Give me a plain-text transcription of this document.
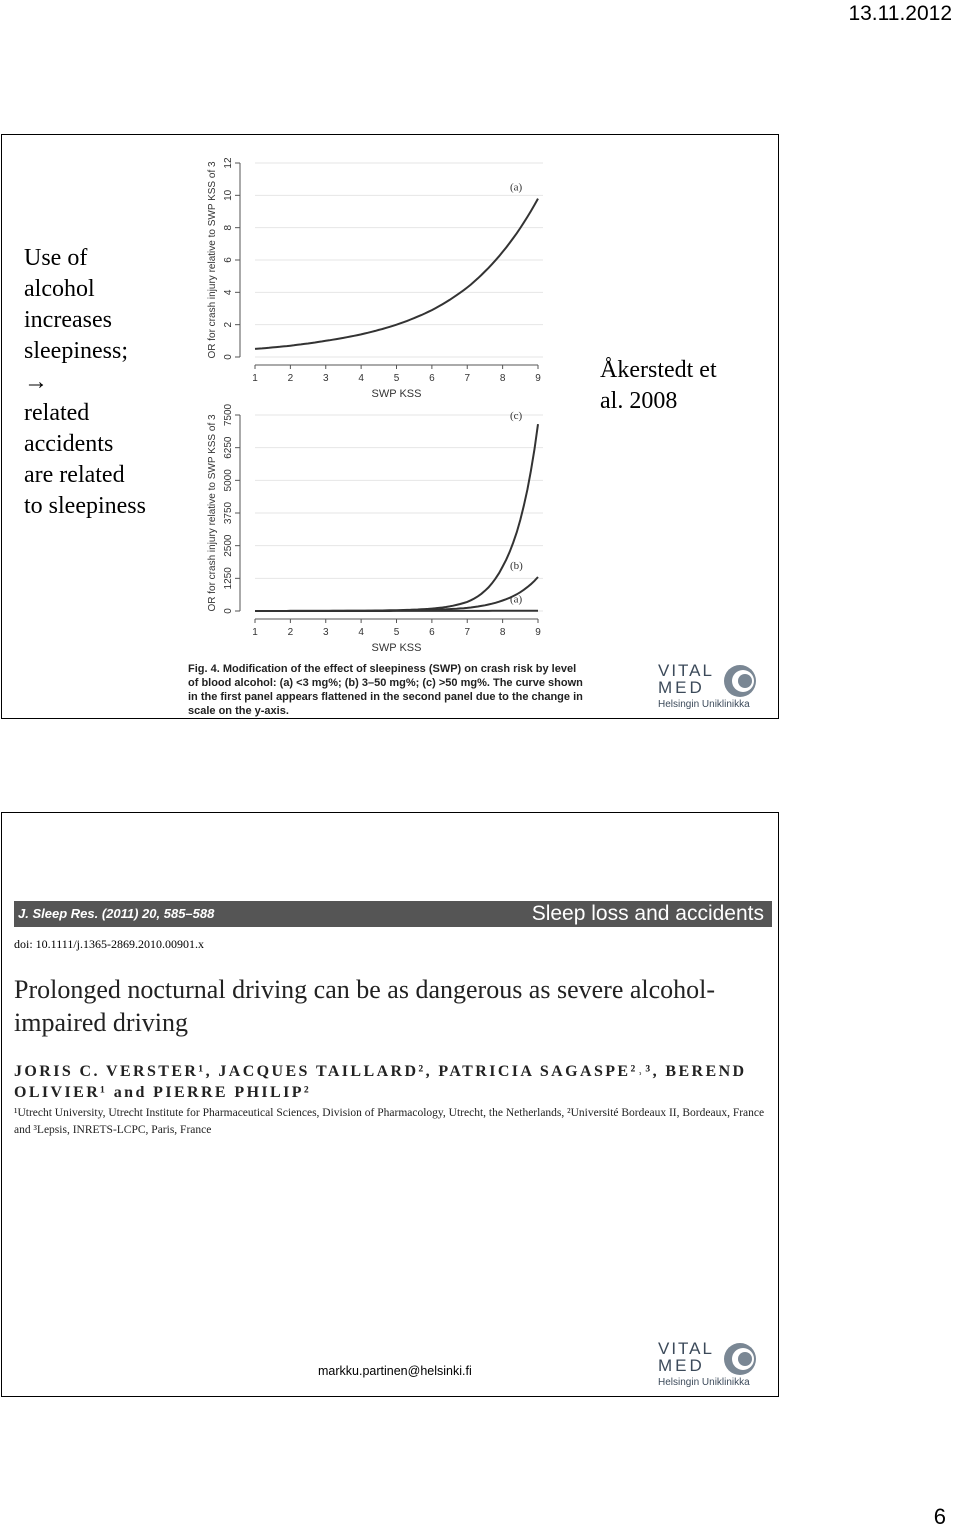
13.11.2012
Use of
alcohol
increases
sleepiness;
→
related
accidents
are related
to sleepiness
0
2
4
6
8
10
12
1	2	3	4	5	6	7	8	9
SWP KSS
OR for crash injury relative to SWP KSS of 3	(a)
0
1250
2500
3750
5000
6250
7500
1	2	3	4	5	6	7	8	9
SWP KSS
OR for crash injury relative to SWP KSS of 3	(a)
(b)
(c)
Åkerstedt et
al. 2008
Fig. 4. Modification of the effect of sleepiness (SWP) on crash risk by level of blood alcohol: (a) <3 mg%; (b) 3–50 mg%; (c) >50 mg%. The curve shown in the first panel appears flattened in the second panel due to the change in scale on the y-axis.
VITAL
MED
Helsingin Uniklinikka
J. Sleep Res. (2011) 20, 585–588	Sleep loss and accidents
doi: 10.1111/j.1365-2869.2010.00901.x
Prolonged nocturnal driving can be as dangerous as severe alcohol-impaired driving
JORIS C. VERSTER¹, JACQUES TAILLARD², PATRICIA SAGASPE²˒³, BEREND OLIVIER¹ and PIERRE PHILIP²
¹Utrecht University, Utrecht Institute for Pharmaceutical Sciences, Division of Pharmacology, Utrecht, the Netherlands, ²Université Bordeaux II, Bordeaux, France and ³Lepsis, INRETS-LCPC, Paris, France
markku.partinen@helsinki.fi
VITAL
MED
Helsingin Uniklinikka
6
